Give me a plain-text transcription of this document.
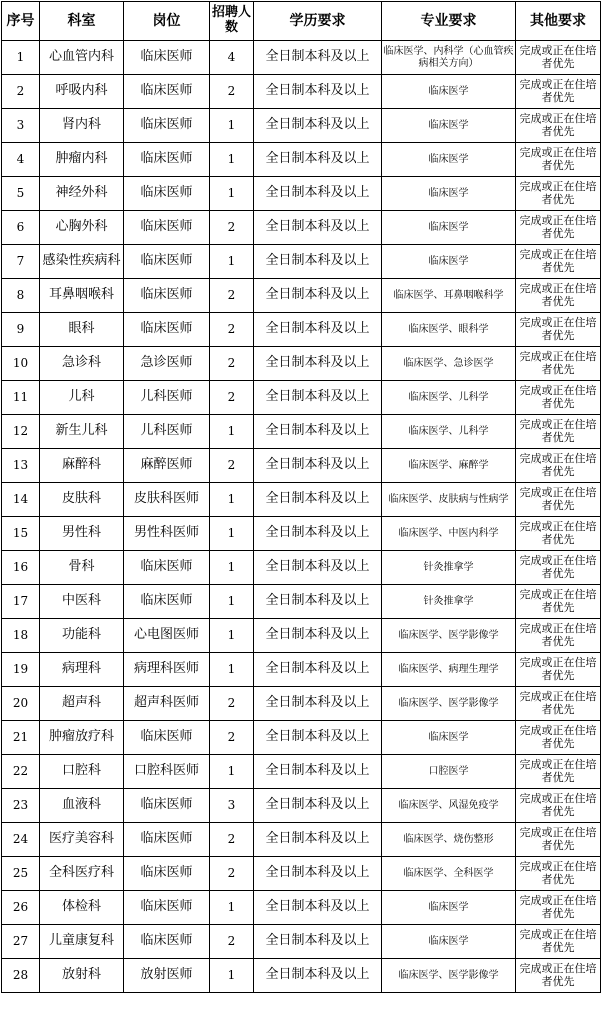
序号	科室	岗位	招聘人数	学历要求	专业要求	其他要求
1	心血管内科	临床医师	4	全日制本科及以上	临床医学、内科学（心血管疾病相关方向）	完成或正在住培者优先
2	呼吸内科	临床医师	2	全日制本科及以上	临床医学	完成或正在住培者优先
3	肾内科	临床医师	1	全日制本科及以上	临床医学	完成或正在住培者优先
4	肿瘤内科	临床医师	1	全日制本科及以上	临床医学	完成或正在住培者优先
5	神经外科	临床医师	1	全日制本科及以上	临床医学	完成或正在住培者优先
6	心胸外科	临床医师	2	全日制本科及以上	临床医学	完成或正在住培者优先
7	感染性疾病科	临床医师	1	全日制本科及以上	临床医学	完成或正在住培者优先
8	耳鼻咽喉科	临床医师	2	全日制本科及以上	临床医学、耳鼻咽喉科学	完成或正在住培者优先
9	眼科	临床医师	2	全日制本科及以上	临床医学、眼科学	完成或正在住培者优先
10	急诊科	急诊医师	2	全日制本科及以上	临床医学、急诊医学	完成或正在住培者优先
11	儿科	儿科医师	2	全日制本科及以上	临床医学、儿科学	完成或正在住培者优先
12	新生儿科	儿科医师	1	全日制本科及以上	临床医学、儿科学	完成或正在住培者优先
13	麻醉科	麻醉医师	2	全日制本科及以上	临床医学、麻醉学	完成或正在住培者优先
14	皮肤科	皮肤科医师	1	全日制本科及以上	临床医学、皮肤病与性病学	完成或正在住培者优先
15	男性科	男性科医师	1	全日制本科及以上	临床医学、中医内科学	完成或正在住培者优先
16	骨科	临床医师	1	全日制本科及以上	针灸推拿学	完成或正在住培者优先
17	中医科	临床医师	1	全日制本科及以上	针灸推拿学	完成或正在住培者优先
18	功能科	心电图医师	1	全日制本科及以上	临床医学、医学影像学	完成或正在住培者优先
19	病理科	病理科医师	1	全日制本科及以上	临床医学、病理生理学	完成或正在住培者优先
20	超声科	超声科医师	2	全日制本科及以上	临床医学、医学影像学	完成或正在住培者优先
21	肿瘤放疗科	临床医师	2	全日制本科及以上	临床医学	完成或正在住培者优先
22	口腔科	口腔科医师	1	全日制本科及以上	口腔医学	完成或正在住培者优先
23	血液科	临床医师	3	全日制本科及以上	临床医学、风湿免疫学	完成或正在住培者优先
24	医疗美容科	临床医师	2	全日制本科及以上	临床医学、烧伤整形	完成或正在住培者优先
25	全科医疗科	临床医师	2	全日制本科及以上	临床医学、全科医学	完成或正在住培者优先
26	体检科	临床医师	1	全日制本科及以上	临床医学	完成或正在住培者优先
27	儿童康复科	临床医师	2	全日制本科及以上	临床医学	完成或正在住培者优先
28	放射科	放射医师	1	全日制本科及以上	临床医学、医学影像学	完成或正在住培者优先
